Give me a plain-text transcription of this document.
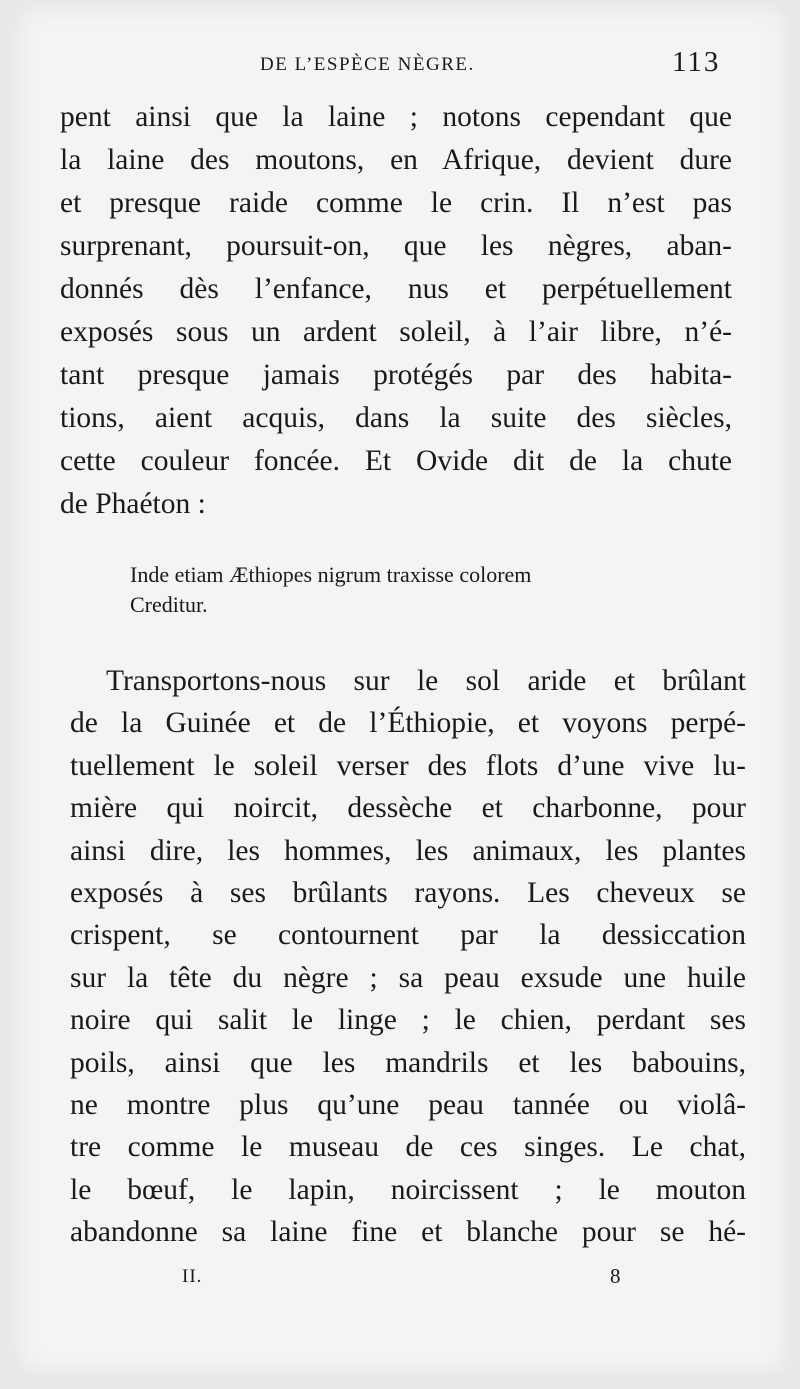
DE L’ESPÈCE NÈGRE.	113
pent ainsi que la laine ; notons cependant que
la laine des moutons, en Afrique, devient dure
et presque raide comme le crin. Il n’est pas
surprenant, poursuit-on, que les nègres, aban-
donnés dès l’enfance, nus et perpétuellement
exposés sous un ardent soleil, à l’air libre, n’é-
tant presque jamais protégés par des habita-
tions, aient acquis, dans la suite des siècles,
cette couleur foncée. Et Ovide dit de la chute
de Phaéton :
Inde etiam Æthiopes nigrum traxisse colorem
Creditur.
Transportons-nous sur le sol aride et brûlant
de la Guinée et de l’Éthiopie, et voyons perpé-
tuellement le soleil verser des flots d’une vive lu-
mière qui noircit, dessèche et charbonne, pour
ainsi dire, les hommes, les animaux, les plantes
exposés à ses brûlants rayons. Les cheveux se
crispent, se contournent par la dessiccation
sur la tête du nègre ; sa peau exsude une huile
noire qui salit le linge ; le chien, perdant ses
poils, ainsi que les mandrils et les babouins,
ne montre plus qu’une peau tannée ou violâ-
tre comme le museau de ces singes. Le chat,
le bœuf, le lapin, noircissent ; le mouton
abandonne sa laine fine et blanche pour se hé-
II.	8
